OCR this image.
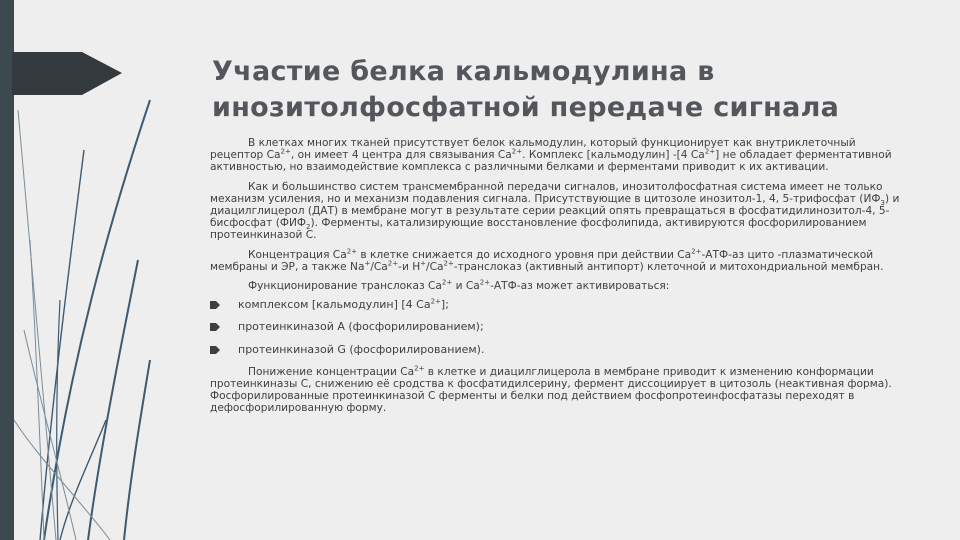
Участие белка кальмодулина в
инозитолфосфатной передаче сигнала

В клетках многих тканей присутствует белок кальмодулин, который функционирует как внутриклеточный рецептор $Са^{2+}$, он имеет 4 центра для связывания $Са^{2+}$. Комплекс [кальмодулин] -[4 $Са^{2+}$] не обладает ферментативной активностью, но взаимодействие комплекса с различными белками и ферментами приводит к их активации.

Как и большинство систем трансмембранной передачи сигналов, инозитолфосфатная система имеет не только механизм усиления, но и механизм подавления сигнала. Присутствующие в цитозоле инозитол-1, 4, 5-трифосфат $(ИФ_3)$ и диацилглицерол (ДАТ) в мембране могут в результате серии реакций опять превращаться в фосфатидилинозитол-4, 5-бисфосфат $(ФИФ_2)$. Ферменты, катализирующие восстановление фосфолипида, активируются фосфорилированием протеинкиназой С.

Концентрация $Са^{2+}$ в клетке снижается до исходного уровня при действии $Са^{2+}-АТФ-аз$ цито -плазматической мембраны и ЭР, а также $Na^+/Са^{2+}-и$ $Н^+/Са^{2+}$-транслоказ (активный антипорт) клеточной и митохондриальной мембран.

Функционирование транслоказ $Са^{2+}$ и $Са^{2+}-АТФ-аз$ может активироваться:

комплексом [кальмодулин] [4 $Са^{2+}$];
протеинкиназой А (фосфорилированием);
протеинкиназой G (фосфорилированием).

Понижение концентрации $Са^{2+}$ в клетке и диацилглицерола в мембране приводит к изменению конформации протеинкиназы С, снижению её сродства к фосфатидилсерину, фермент диссоциирует в цитозоль (неактивная форма). Фосфорилированные протеинкиназой С ферменты и белки под действием фосфопротеинфосфатазы переходят в дефосфорилированную форму.
